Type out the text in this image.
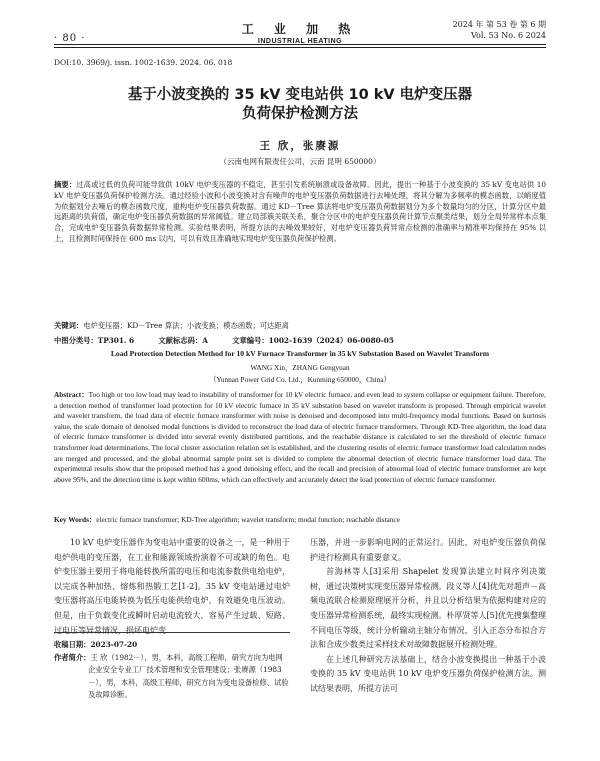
· 80 ·
工 业 加 热
INDUSTRIAL HEATING
2024 年 第 53 卷 第 6 期
Vol. 53 No. 6 2024
DOI:10. 3969/j. issn. 1002-1639. 2024. 06. 018
基于小波变换的 35 kV 变电站供 10 kV 电炉变压器
负荷保护检测方法
王 欣，张赓源
（云南电网有限责任公司，云南 昆明 650000）
摘要：过高或过低的负荷可能导致供 10kV 电炉变压器的不稳定，甚至引发系统崩溃或设备故障。因此，提出一种基于小波变换的 35 kV 变电站供 10 kV 电炉变压器负荷保护检测方法。通过经验小波和小波变换对含有噪声的电炉变压器负荷数据进行去噪处理，将其分解为多频率的模态函数，以峭度值为依据划分去噪后的模态函数尺度，重构电炉变压器负荷数据。通过 KD－Tree 算法将电炉变压器负荷数据划分为多个数量均匀的分区，计算分区中最远距离的负荷值，确定电炉变压器负荷数据的异常阈值。建立局部簇关联关系，聚合分区中的电炉变压器负荷计算节点聚类结果，划分全局异常样本点集合，完成电炉变压器负荷数据异常检测。实验结果表明，所提方法的去噪效果较好，对电炉变压器负荷异常点检测的准确率与精准率均保持在 95% 以上，且检测时间保持在 600 ms 以内，可以有效且准确地实现电炉变压器负荷保护检测。
关键词：电炉变压器；KD－Tree 算法；小波变换；模态函数；可达距离
中图分类号：TP301. 6	文献标志码：A	文章编号：1002-1639（2024）06-0080-05
Load Protection Detection Method for 10 kV Furnace Transformer in 35 kV Substation Based on Wavelet Transform
WANG Xin，ZHANG Gengyuan
（Yunnan Power Grid Co. Ltd.，Kunming 650000，China）
Abstract：Too high or too low load may lead to instability of transformer for 10 kV electric furnace, and even lead to system collapse or equipment failure. Therefore, a detection method of transformer load protection for 10 kV electric furnace in 35 kV substation based on wavelet transform is proposed. Through empirical wavelet and wavelet transform, the load data of electric furnace transformer with noise is denoised and decomposed into multi-frequency modal functions. Based on kurtosis value, the scale domain of denoised modal functions is divided to reconstruct the load data of electric furnace transformers. Through KD-Tree algorithm, the load data of electric furnace transformer is divided into several evenly distributed partitions, and the reachable distance is calculated to set the threshold of electric furnace transformer load determinations. The local cluster association relation set is established, and the clustering results of electric furnace transformer load calculation nodes are merged and processed, and the global abnormal sample point set is divided to complete the abnormal detection of electric furnace transformer load data. The experimental results show that the proposed method has a good denoising effect, and the recall and precision of abnormal load of electric furnace transformer are kept above 95%, and the detection time is kept within 600ms, which can effectively and accurately detect the load protection of electric furnace transformer.
Key Words：electric furnace transformer; KD-Tree algorithm; wavelet transform; modal function; reachable distance

10 kV 电炉变压器作为变电站中重要的设备之一，是一种用于电炉供电的变压器，在工业和能源领域扮演着不可或缺的角色。电炉变压器主要用于将电能转换所需的电压和电流参数供电给电炉，以完成各种加热、熔炼和热锻工艺[1-2]。35 kV 变电站通过电炉变压器将高压电能转换为低压电能供给电炉，有效避免电压波动。但是，由于负载变化或瞬时启动电流较大，容易产生过载、短路、过电压等异常情况，损坏电炉变

收稿日期：2023-07-20
作者简介：王 欣（1982－），男，本科，高级工程师，研究方向为电网企业安全专业工厂技术管理和安全管理建设；张赓源（1983－），男，本科，高级工程师，研究方向为变电设备检修、试验及故障诊断。

压器，并进一步影响电网的正常运行。因此，对电炉变压器负荷保护进行检测具有重要意义。

首海林等人[3]采用 Shapelet 发现算法建立时间序列决策树，通过决策树实现变压器异常检测。段义等人[4]优先对超声－高频电流联合检测原理展开分析，并且以分析结果为依据构建对应的变压器异常检测系统，最终实现检测。朴厚贤等人[5]优先搜集整理不同电压等级，统计分析输动主轴分布情况，引入正态分布拟合方法和合成少数类过采样技术对故障数据展开检测处理。

在上述几种研究方法基础上，结合小波变换提出一种基于小波变换的 35 kV 变电站供 10 kV 电炉变压器负荷保护检测方法。测试结果表明，所提方法可
